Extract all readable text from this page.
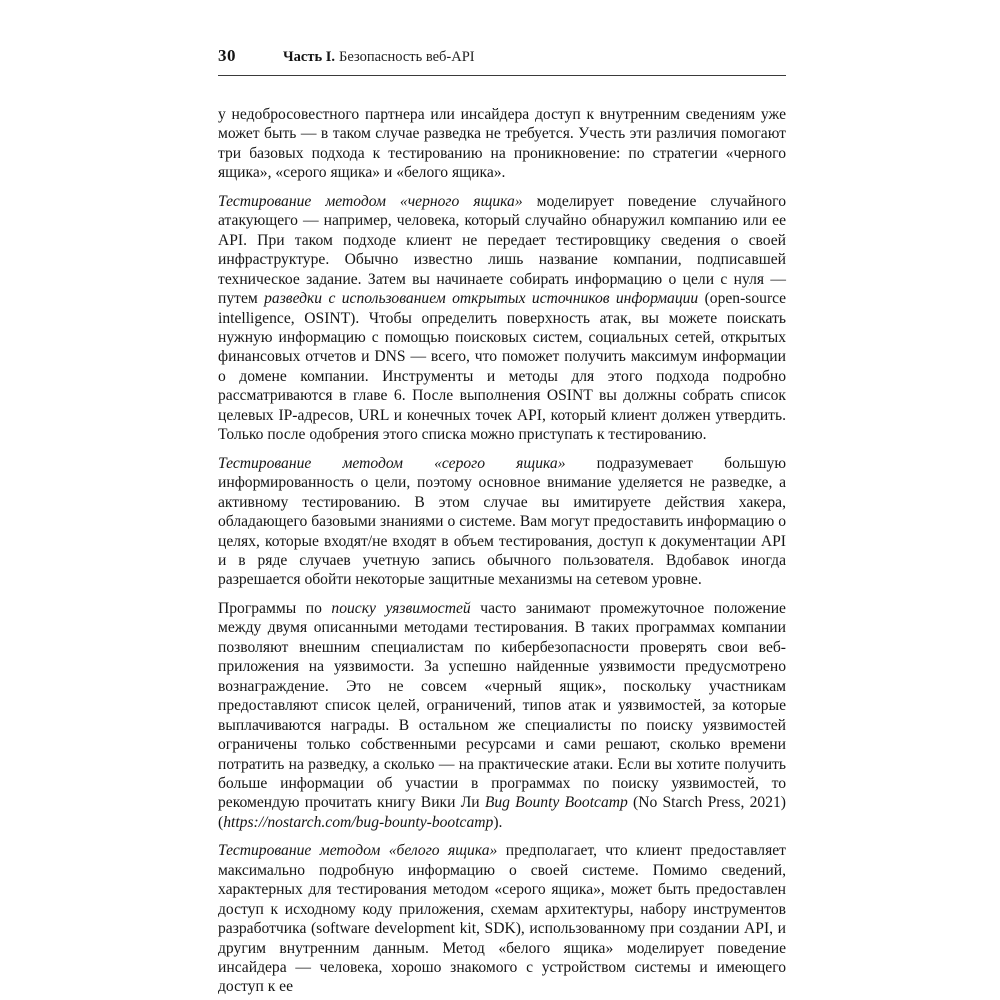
30	Часть I. Безопасность веб-API

у недобросовестного партнера или инсайдера доступ к внутренним сведениям уже может быть — в таком случае разведка не требуется. Учесть эти различия помогают три базовых подхода к тестированию на проникновение: по стратегии «черного ящика», «серого ящика» и «белого ящика».

Тестирование методом «черного ящика» моделирует поведение случайного атакующего — например, человека, который случайно обнаружил компанию или ее API. При таком подходе клиент не передает тестировщику сведения о своей инфраструктуре. Обычно известно лишь название компании, подписавшей техническое задание. Затем вы начинаете собирать информацию о цели с нуля — путем разведки с использованием открытых источников информации (open-source intelligence, OSINT). Чтобы определить поверхность атак, вы можете поискать нужную информацию с помощью поисковых систем, социальных сетей, открытых финансовых отчетов и DNS — всего, что поможет получить максимум информации о домене компании. Инструменты и методы для этого подхода подробно рассматриваются в главе 6. После выполнения OSINT вы должны собрать список целевых IP-адресов, URL и конечных точек API, который клиент должен утвердить. Только после одобрения этого списка можно приступать к тестированию.

Тестирование методом «серого ящика» подразумевает большую информированность о цели, поэтому основное внимание уделяется не разведке, а активному тестированию. В этом случае вы имитируете действия хакера, обладающего базовыми знаниями о системе. Вам могут предоставить информацию о целях, которые входят/не входят в объем тестирования, доступ к документации API и в ряде случаев учетную запись обычного пользователя. Вдобавок иногда разрешается обойти некоторые защитные механизмы на сетевом уровне.

Программы по поиску уязвимостей часто занимают промежуточное положение между двумя описанными методами тестирования. В таких программах компании позволяют внешним специалистам по кибербезопасности проверять свои веб-приложения на уязвимости. За успешно найденные уязвимости предусмотрено вознаграждение. Это не совсем «черный ящик», поскольку участникам предоставляют список целей, ограничений, типов атак и уязвимостей, за которые выплачиваются награды. В остальном же специалисты по поиску уязвимостей ограничены только собственными ресурсами и сами решают, сколько времени потратить на разведку, а сколько — на практические атаки. Если вы хотите получить больше информации об участии в программах по поиску уязвимостей, то рекомендую прочитать книгу Вики Ли Bug Bounty Bootcamp (No Starch Press, 2021) (https://nostarch.com/bug-bounty-bootcamp).

Тестирование методом «белого ящика» предполагает, что клиент предоставляет максимально подробную информацию о своей системе. Помимо сведений, характерных для тестирования методом «серого ящика», может быть предоставлен доступ к исходному коду приложения, схемам архитектуры, набору инструментов разработчика (software development kit, SDK), использованному при создании API, и другим внутренним данным. Метод «белого ящика» моделирует поведение инсайдера — человека, хорошо знакомого с устройством системы и имеющего доступ к ее
